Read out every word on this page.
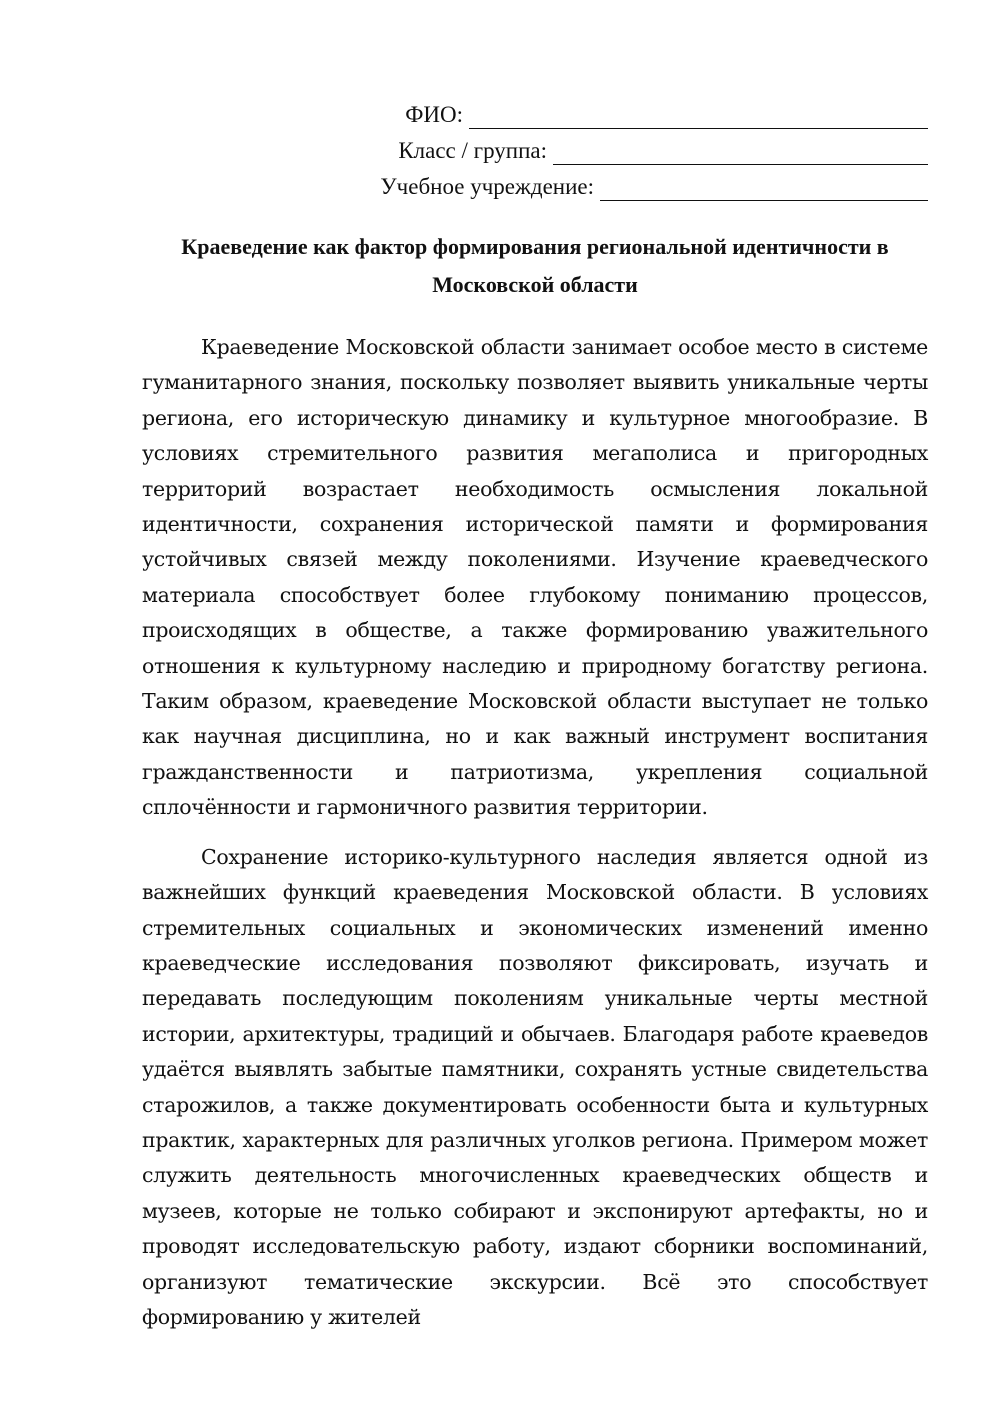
ФИО:
Класс / группа:
Учебное учреждение:
Краеведение как фактор формирования региональной идентичности в
Московской области

Краеведение Московской области занимает особое место в системе гуманитарного знания, поскольку позволяет выявить уникальные черты региона, его историческую динамику и культурное многообразие. В условиях стремительного развития мегаполиса и пригородных территорий возрастает необходимость осмысления локальной идентичности, сохранения исторической памяти и формирования устойчивых связей между поколениями. Изучение краеведческого материала способствует более глубокому пониманию процессов, происходящих в обществе, а также формированию уважительного отношения к культурному наследию и природному богатству региона. Таким образом, краеведение Московской области выступает не только как научная дисциплина, но и как важный инструмент воспитания гражданственности и патриотизма, укрепления социальной сплочённости и гармоничного развития территории.

Сохранение историко-культурного наследия является одной из важнейших функций краеведения Московской области. В условиях стремительных социальных и экономических изменений именно краеведческие исследования позволяют фиксировать, изучать и передавать последующим поколениям уникальные черты местной истории, архитектуры, традиций и обычаев. Благодаря работе краеведов удаётся выявлять забытые памятники, сохранять устные свидетельства старожилов, а также документировать особенности быта и культурных практик, характерных для различных уголков региона. Примером может служить деятельность многочисленных краеведческих обществ и музеев, которые не только собирают и экспонируют артефакты, но и проводят исследовательскую работу, издают сборники воспоминаний, организуют тематические экскурсии. Всё это способствует формированию у жителей
